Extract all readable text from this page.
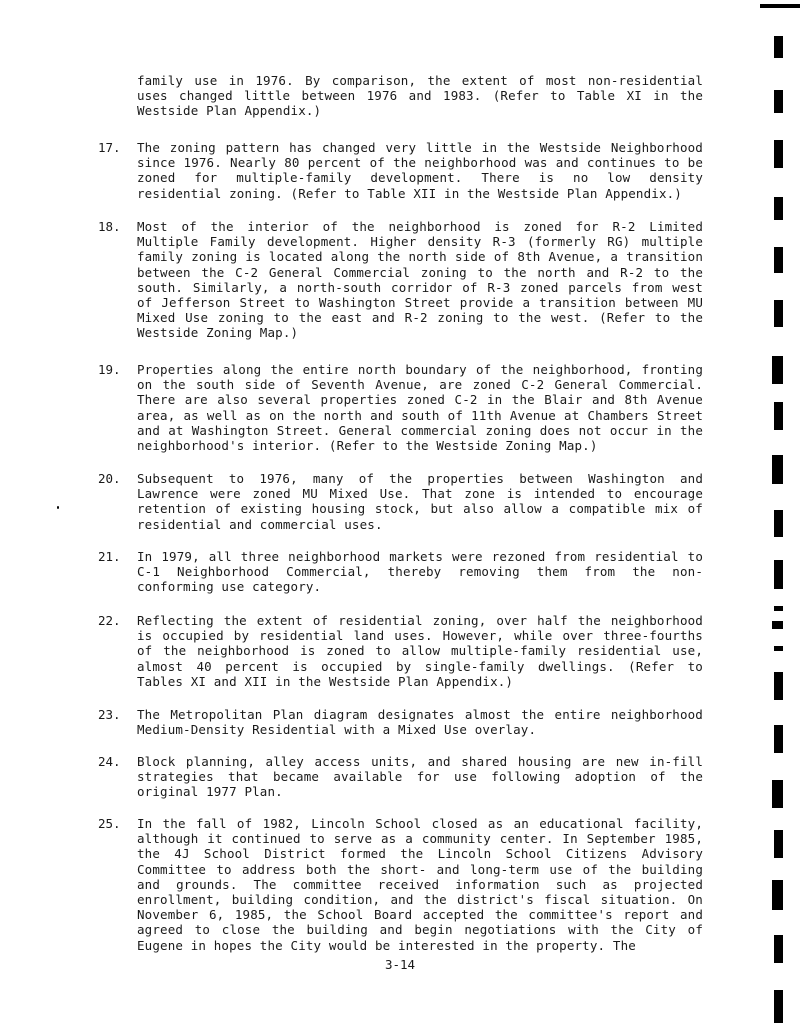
family use in 1976. By comparison, the extent of most non-residential uses changed little between 1976 and 1983. (Refer to Table XI in the Westside Plan Appendix.)

17.	The zoning pattern has changed very little in the Westside Neighborhood since 1976. Nearly 80 percent of the neighborhood was and continues to be zoned for multiple-family development. There is no low density residential zoning. (Refer to Table XII in the Westside Plan Appendix.)

18.	Most of the interior of the neighborhood is zoned for R-2 Limited Multiple Family development. Higher density R-3 (formerly RG) multiple family zoning is located along the north side of 8th Avenue, a transition between the C-2 General Commercial zoning to the north and R-2 to the south. Similarly, a north-south corridor of R-3 zoned parcels from west of Jefferson Street to Washington Street provide a transition between MU Mixed Use zoning to the east and R-2 zoning to the west. (Refer to the Westside Zoning Map.)

19.	Properties along the entire north boundary of the neighborhood, fronting on the south side of Seventh Avenue, are zoned C-2 General Commercial. There are also several properties zoned C-2 in the Blair and 8th Avenue area, as well as on the north and south of 11th Avenue at Chambers Street and at Washington Street. General commercial zoning does not occur in the neighborhood's interior. (Refer to the Westside Zoning Map.)

20.	Subsequent to 1976, many of the properties between Washington and Lawrence were zoned MU Mixed Use. That zone is intended to encourage retention of existing housing stock, but also allow a compatible mix of residential and commercial uses.

21.	In 1979, all three neighborhood markets were rezoned from residential to C-1 Neighborhood Commercial, thereby removing them from the non-conforming use category.

22.	Reflecting the extent of residential zoning, over half the neighborhood is occupied by residential land uses. However, while over three-fourths of the neighborhood is zoned to allow multiple-family residential use, almost 40 percent is occupied by single-family dwellings. (Refer to Tables XI and XII in the Westside Plan Appendix.)

23.	The Metropolitan Plan diagram designates almost the entire neighborhood Medium-Density Residential with a Mixed Use overlay.

24.	Block planning, alley access units, and shared housing are new in-fill strategies that became available for use following adoption of the original 1977 Plan.

25.	In the fall of 1982, Lincoln School closed as an educational facility, although it continued to serve as a community center. In September 1985, the 4J School District formed the Lincoln School Citizens Advisory Committee to address both the short- and long-term use of the building and grounds. The committee received information such as projected enrollment, building condition, and the district's fiscal situation. On November 6, 1985, the School Board accepted the committee's report and agreed to close the building and begin negotiations with the City of Eugene in hopes the City would be interested in the property. The

3-14
